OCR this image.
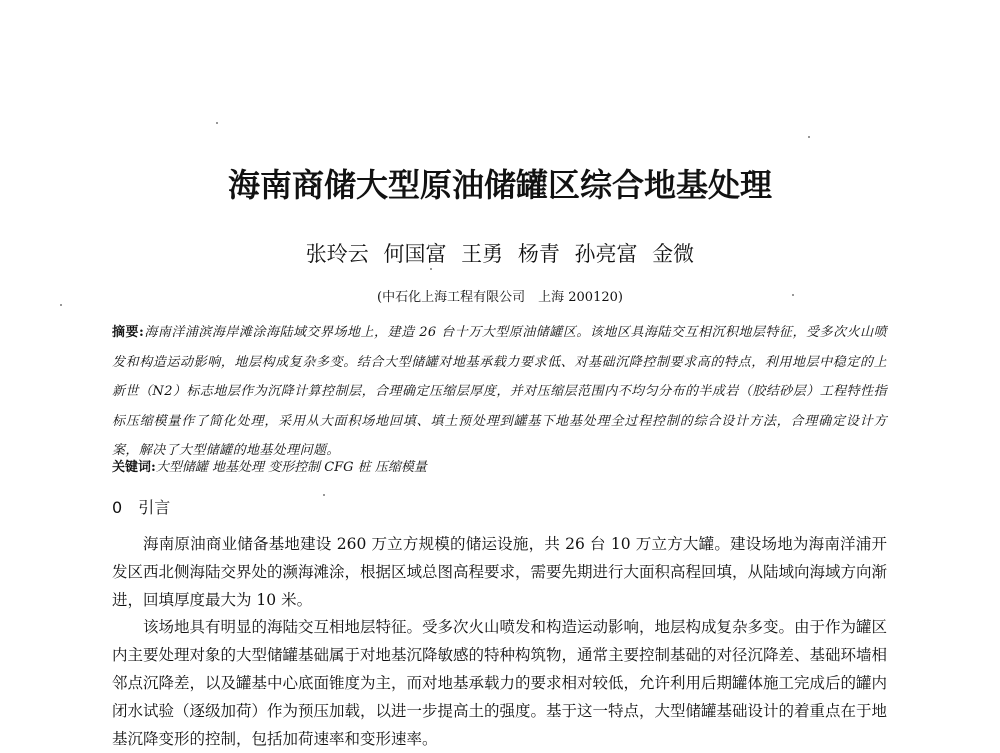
海南商储大型原油储罐区综合地基处理
张玲云 何国富 王勇 杨青 孙亮富 金微
(中石化上海工程有限公司　上海 200120)
摘要:海南洋浦滨海岸滩涂海陆域交界场地上，建造 26 台十万大型原油储罐区。该地区具海陆交互相沉积地层特征，受多次火山喷发和构造运动影响，地层构成复杂多变。结合大型储罐对地基承载力要求低、对基础沉降控制要求高的特点，利用地层中稳定的上新世（N2）标志地层作为沉降计算控制层，合理确定压缩层厚度，并对压缩层范围内不均匀分布的半成岩（胶结砂层）工程特性指标压缩模量作了简化处理，采用从大面积场地回填、填土预处理到罐基下地基处理全过程控制的综合设计方法，合理确定设计方案，解决了大型储罐的地基处理问题。
关键词:大型储罐 地基处理 变形控制 CFG 桩 压缩模量
0 引言

海南原油商业储备基地建设 260 万立方规模的储运设施，共 26 台 10 万立方大罐。建设场地为海南洋浦开发区西北侧海陆交界处的濒海滩涂，根据区域总图高程要求，需要先期进行大面积高程回填，从陆域向海域方向渐进，回填厚度最大为 10 米。

该场地具有明显的海陆交互相地层特征。受多次火山喷发和构造运动影响，地层构成复杂多变。由于作为罐区内主要处理对象的大型储罐基础属于对地基沉降敏感的特种构筑物，通常主要控制基础的对径沉降差、基础环墙相邻点沉降差，以及罐基中心底面锥度为主，而对地基承载力的要求相对较低，允许利用后期罐体施工完成后的罐内闭水试验（逐级加荷）作为预压加载，以进一步提高土的强度。基于这一特点，大型储罐基础设计的着重点在于地基沉降变形的控制，包括加荷速率和变形速率。
